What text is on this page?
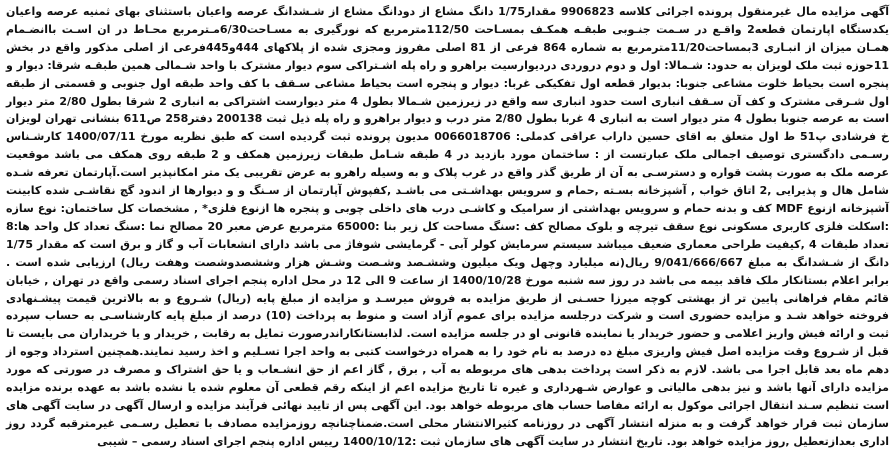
آگهی مزایده مال غیرمنقول پرونده اجرائی کلاسه 9906823 مقدار1/75 دانگ مشاع از دودانگ مشاع از شـشدانگ عرصه واعیان باستثنای بهای ثمنیه عرصه واعیان یکدستگاه اپارتمان قطعه2 واقـع در سـمت جنـوبی طبقـه همکـف بمسـاحت 112/50مترمربع که نورگیری به مسـاحت6/30مـترمربع محـاط در ان اسـت باانضـمام همـان میزان از انبـاری 3بمساحت11/20مترمربع به شماره 864 فرعی از 81 اصلی مفروز ومجزی شده از پلاکهای 444و445فرعی از اصلی مذکور واقع در بخش 11حوزه ثبت ملک لویزان به حدود: شـمالا: اول و دوم دروردی دردیوارسیت براهرو و راه پله اشـتراکی سوم دیوار مشترک با واحد شـمالی همین طبقـه شرقا: دیوار و پنجره است بحیاط خلوت مشاعی جنوبا: بدیوار قطعه اول تفکیکی غربا: دیوار و پنجره است بحیاط مشاعی سـقف با کف واحد طبقه اول جنوبی و قسمتی از طبقه اول شـرقی مشترک و کف آن سـقف انباری است حدود انباری سه واقع در زیرزمین شـمالا بطول 4 متر دیوارست اشتراکی به انباری 2 شرقا بطول 2/80 متر دیوار است به عرصه جنوبا بطول 4 متر دیوار است به انباری 4 غربا بطول 2/80 متر درب و دیوار براهرو و راه پله ذیل ثبت 200138 دفتر258 ص611 بنشانی تهران لویزان خ فرشادی پ51 ط اول متعلق به اقای حسین داراب عراقی کدملی: 0066018706 مدیون پرونده ثبت گردیده است که طبق نظریه مورخ 1400/07/11 کارشـناس رسـمی دادگستری توصیف اجمالی ملک عبارتست از : ساختمان مورد بازدید در 4 طبقه شـامل طبقات زیرزمین همکف و 2 طبقه روی همکف می باشد موقعیت عرصه ملک به صورت پشت قواره و دسترسـی به آن از طریق گذر واقع در غرب پلاک و به وسیله راهرو به عرض تقریبی یک متر امکانپذیر است.آپارتمان تعرفه شـده شامل هال و پذیرایی ,2 اتاق خواب , آشپزخانه بسـته ,حمام و سرویس بهداشـتی می باشـد ,کفپوش آپارتمان از سـنگ و و دیوارها از اندود گچ نقاشـی شده کابینت آشپزخانه ازنوع MDF کف و بدنه حمام و سرویس بهداشتی از سرامیک و کاشـی درب های داخلی چوبی و پنجره ها ازنوع فلزی* , مشخصات کل ساختمان: نوع سازه :اسکلت فلزی کاربری مسکونی نوع سقف تیرچه و بلوک مصالح کف :سنگ مساحت کل زیر بنا :65000 مترمربع عرض معبر 20 مصالح نما :سنگ تعداد کل واحد ها:8 تعداد طبقات 4 ,کیفیت طراحی معماری ضعیف میباشد سیستم سرمایش کولر آبی - گرمایشی شوفاژ می باشد دارای انشعابات آب و گاز و برق است که مقدار 1/75 دانگ از شـشدانگ به مبلغ 9/041/666/667 ریال(نه میلیارد وچهل ویک میلیون وششـصد وشـصت وشـش هزار وششصدوشصت وهفت ریال) ارزیابی شده است . برابر اعلام بستانکار ملک فاقد بیمه می باشد در روز سه شنبه مورخ 1400/10/28 از ساعت 9 الی 12 در محل اداره پنجم اجرای اسناد رسمی واقع در تهران , خیابان قائم مقام فراهانی پایین تر از بهشتی کوچه میرزا حسـنی از طریق مزایده به فروش میرسـد و مزایده از مبلغ پایه (ریال) شـروع و به بالاترین قیمت پیشـنهادی فروخته خواهد شـد و مزایده حضوری است و شرکت درجلسه مزایده برای عموم آزاد است و منوط به پرداخت (10) درصد از مبلغ پایه کارشناسـی به حساب سپرده ثبت و ارائه فیش واریز اعلامی و حضور خریدار یا نماینده قانونی او در جلسه مزایده است. لذابستانکاراندرصورت تمایل به رقابت , خریدار و یا خریداران می بایست تا قبل از شـروع وقت مزایده اصل فیش واریزی مبلغ ده درصد به نام خود را به همراه درخواست کتبی به واحد اجرا تسـلیم و اخذ رسید نمایند.همچنین استرداد وجوه از دهم ماه بعد قابل اجرا می باشد. لازم به ذکر است پرداخت بدهی های مربوطه به آب , برق , گاز اعم از حق انشـعاب و یا حق اشتراک و مصرف در صورتی که مورد مزایده دارای آنها باشد و نیز بدهی مالیاتی و عوارض شـهرداری و غیره تا تاریخ مزایده اعم از اینکه رقم قطعی آن معلوم شده یا نشده باشد به عهده برنده مزایده است تنظیم سـند انتقال اجرائی موکول به ارائه مفاصا حساب های مربوطه خواهد بود. این آگهی پس از تایید نهائی فرآیند مزایده و ارسال آگهی در سایت آگهی های سازمان ثبت قرار خواهد گرفت و به منزله انتشار آگهی در روزنامه کثیرالانتشار محلی است.ضمناچنانچه روزمزایده مصادف با تعطیل رسـمی غیرمترقبه گردد روز اداری بعدازتعطیل ,روز مزایده خواهد بود. تاریخ انتشار در سایت آگهی های سازمان ثبت :1400/10/12 رییس اداره پنجم اجرای اسناد رسمی – شیبی
